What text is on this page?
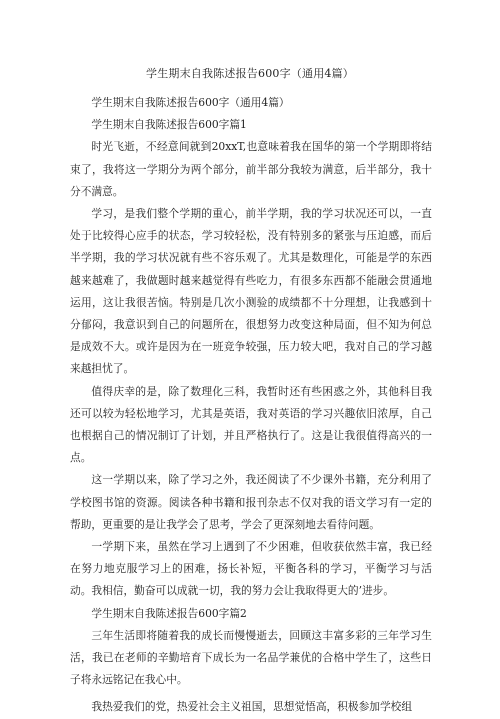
学生期末自我陈述报告600字（通用4篇）

学生期末自我陈述报告600字（通用4篇）

学生期末自我陈述报告600字篇1

时光飞逝，不经意间就到20xxT,也意味着我在国华的第一个学期即将结束了，我将这一学期分为两个部分，前半部分我较为满意，后半部分，我十分不满意。

学习，是我们整个学期的重心，前半学期，我的学习状况还可以，一直处于比较得心应手的状态，学习较轻松，没有特别多的紧张与压迫感，而后半学期，我的学习状况就有些不容乐观了。尤其是数理化，可能是学的东西越来越难了，我做题时越来越觉得有些吃力，有很多东西都不能融会贯通地运用，这让我很苦恼。特别是几次小测验的成绩都不十分理想，让我感到十分郁闷，我意识到自己的问题所在，很想努力改变这种局面，但不知为何总是成效不大。或许是因为在一班竞争较强，压力较大吧，我对自己的学习越来越担忧了。

值得庆幸的是，除了数理化三科，我暂时还有些困惑之外，其他科目我还可以较为轻松地学习，尤其是英语，我对英语的学习兴趣依旧浓厚，自己也根据自己的情况制订了计划，并且严格执行了。这是让我很值得高兴的一点。

这一学期以来，除了学习之外，我还阅读了不少课外书籍，充分利用了学校图书馆的资源。阅读各种书籍和报刊杂志不仅对我的语文学习有一定的帮助，更重要的是让我学会了思考，学会了更深刻地去看待问题。

一学期下来，虽然在学习上遇到了不少困难，但收获依然丰富，我已经在努力地克服学习上的困难，扬长补短，平衡各科的学习，平衡学习与活动。我相信，勤奋可以成就一切，我的努力会让我取得更大的’进步。

学生期末自我陈述报告600字篇2

三年生活即将随着我的成长而慢慢逝去，回顾这丰富多彩的三年学习生活，我已在老师的辛勤培育下成长为一名品学兼优的合格中学生了，这些日子将永远铭记在我心中。

我热爱我们的党，热爱社会主义祖国，思想觉悟高，积极参加学校组
